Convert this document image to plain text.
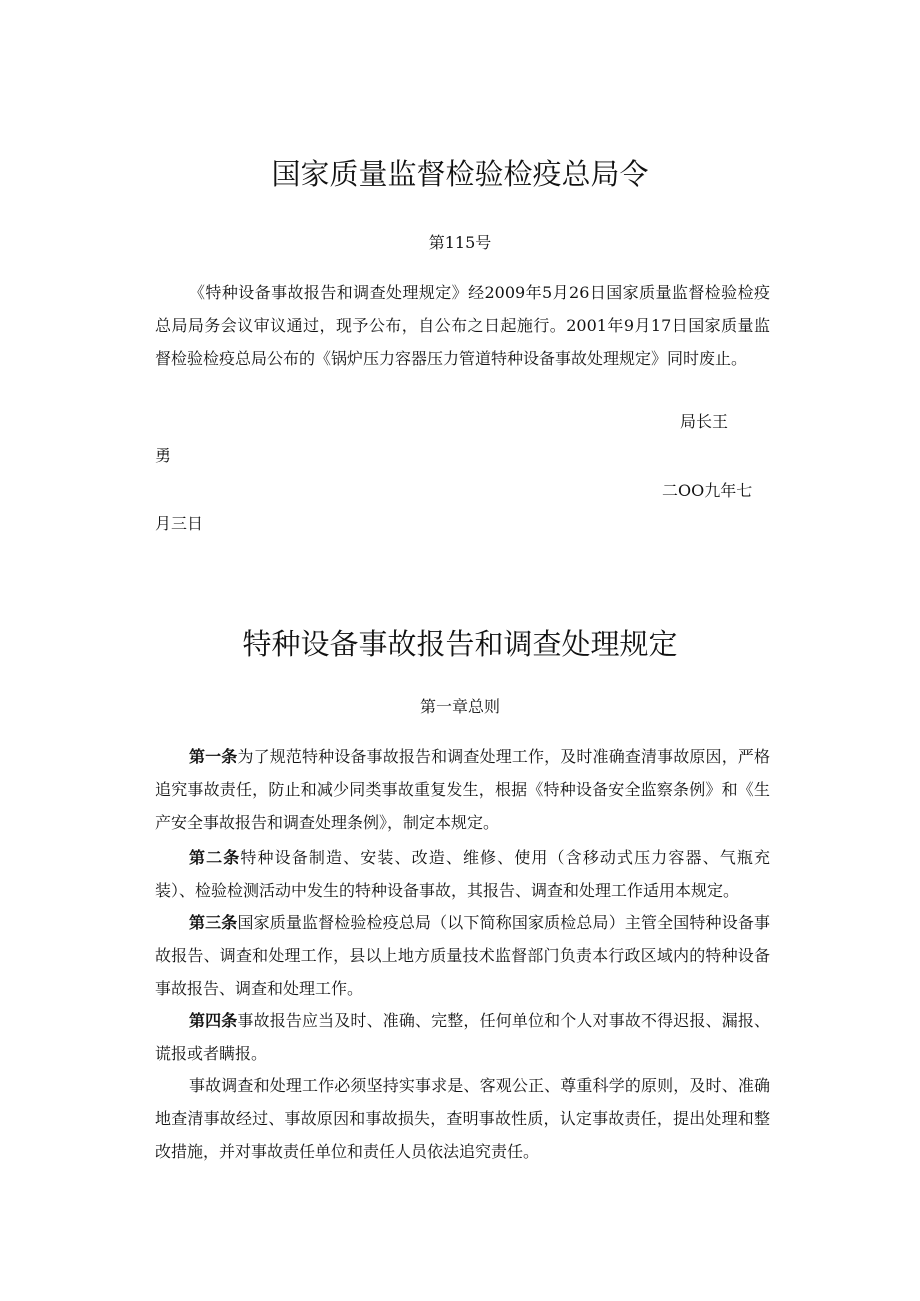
国家质量监督检验检疫总局令
第115号
《特种设备事故报告和调查处理规定》经2009年5月26日国家质量监督检验检疫总局局务会议审议通过，现予公布，自公布之日起施行。2001年9月17日国家质量监督检验检疫总局公布的《锅炉压力容器压力管道特种设备事故处理规定》同时废止。
局长王
勇
二OO九年七
月三日
特种设备事故报告和调查处理规定
第一章总则
第一条为了规范特种设备事故报告和调查处理工作，及时准确查清事故原因，严格追究事故责任，防止和减少同类事故重复发生，根据《特种设备安全监察条例》和《生产安全事故报告和调查处理条例》，制定本规定。
第二条特种设备制造、安装、改造、维修、使用（含移动式压力容器、气瓶充装）、检验检测活动中发生的特种设备事故，其报告、调查和处理工作适用本规定。
第三条国家质量监督检验检疫总局（以下简称国家质检总局）主管全国特种设备事故报告、调查和处理工作，县以上地方质量技术监督部门负责本行政区域内的特种设备事故报告、调查和处理工作。
第四条事故报告应当及时、准确、完整，任何单位和个人对事故不得迟报、漏报、谎报或者瞒报。
事故调查和处理工作必须坚持实事求是、客观公正、尊重科学的原则，及时、准确地查清事故经过、事故原因和事故损失，查明事故性质，认定事故责任，提出处理和整改措施，并对事故责任单位和责任人员依法追究责任。
